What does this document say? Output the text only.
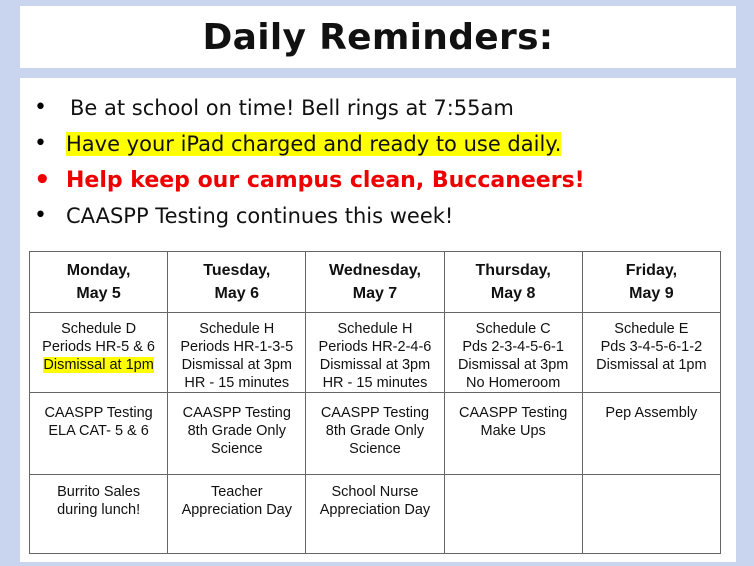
Daily Reminders:
•	Be at school on time! Bell rings at 7:55am
• Have your iPad charged and ready to use daily.
• Help keep our campus clean, Buccaneers!
• CAASPP Testing continues this week!
Monday,
May 5	Tuesday,
May 6	Wednesday,
May 7	Thursday,
May 8	Friday,
May 9

Schedule D
Periods HR-5 & 6
Dismissal at 1pm	Schedule H
Periods HR-1-3-5
Dismissal at 3pm
HR - 15 minutes	Schedule H
Periods HR-2-4-6
Dismissal at 3pm
HR - 15 minutes	Schedule C
Pds 2-3-4-5-6-1
Dismissal at 3pm
No Homeroom	Schedule E
Pds 3-4-5-6-1-2
Dismissal at 1pm

CAASPP Testing
ELA CAT- 5 & 6	CAASPP Testing
8th Grade Only
Science	CAASPP Testing
8th Grade Only
Science	CAASPP Testing
Make Ups	Pep Assembly

Burrito Sales
during lunch!	Teacher
Appreciation Day	School Nurse
Appreciation Day		
